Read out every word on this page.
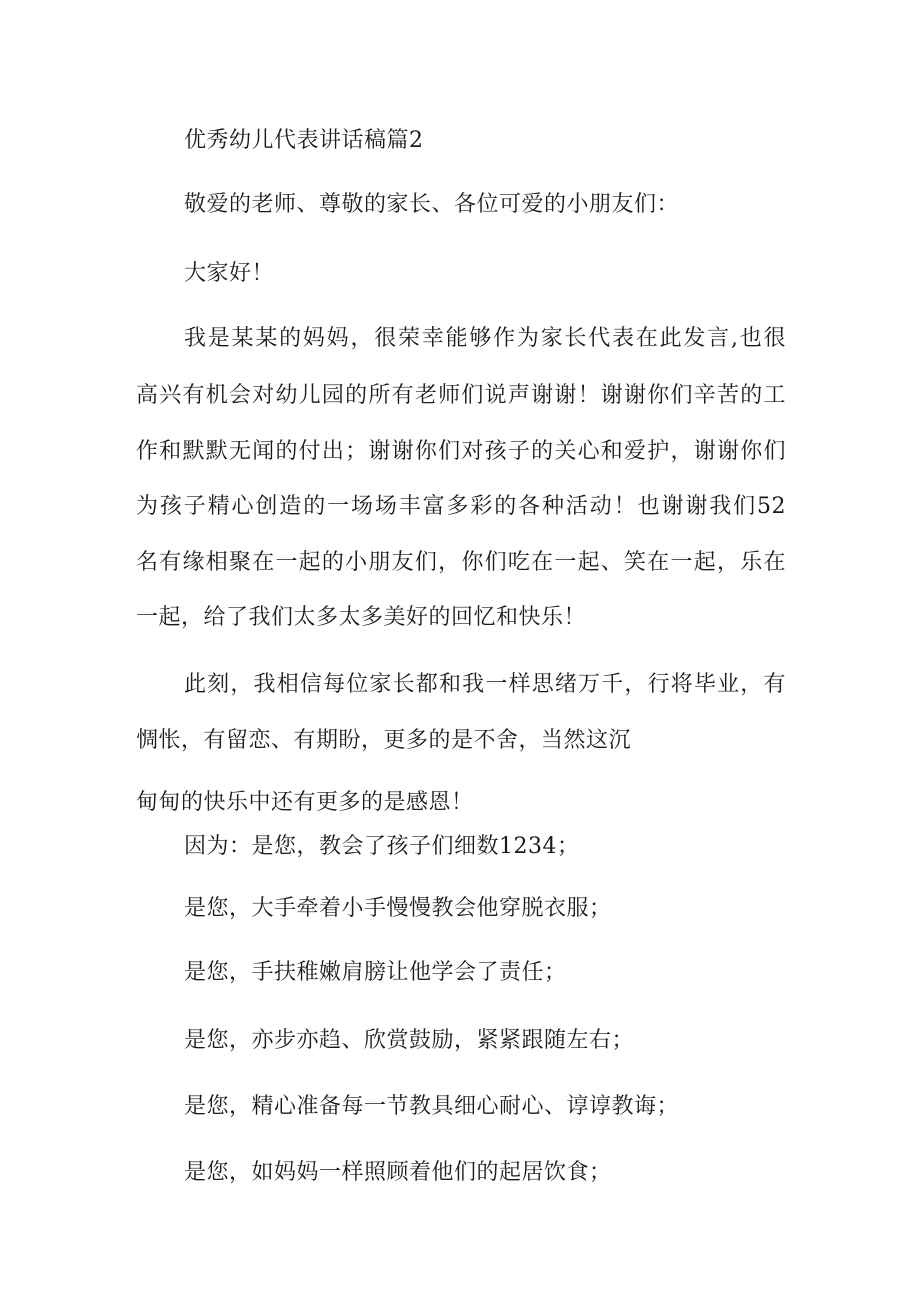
优秀幼儿代表讲话稿篇2
敬爱的老师、尊敬的家长、各位可爱的小朋友们：
大家好！
我是某某的妈妈，很荣幸能够作为家长代表在此发言,也很
高兴有机会对幼儿园的所有老师们说声谢谢！谢谢你们辛苦的工
作和默默无闻的付出；谢谢你们对孩子的关心和爱护，谢谢你们
为孩子精心创造的一场场丰富多彩的各种活动！也谢谢我们52
名有缘相聚在一起的小朋友们，你们吃在一起、笑在一起，乐在
一起，给了我们太多太多美好的回忆和快乐！
此刻，我相信每位家长都和我一样思绪万千，行将毕业，有
惆怅，有留恋、有期盼，更多的是不舍，当然这沉
甸甸的快乐中还有更多的是感恩！
因为：是您，教会了孩子们细数1234；
是您，大手牵着小手慢慢教会他穿脱衣服；
是您，手扶稚嫩肩膀让他学会了责任；
是您，亦步亦趋、欣赏鼓励，紧紧跟随左右；
是您，精心准备每一节教具细心耐心、谆谆教诲；
是您，如妈妈一样照顾着他们的起居饮食；
